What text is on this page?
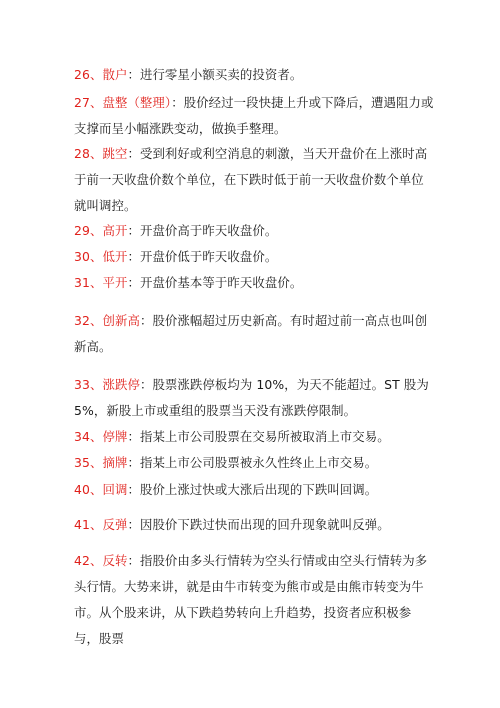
26、散户：进行零星小额买卖的投资者。
27、盘整（整理）：股价经过一段快捷上升或下降后，遭遇阻力或支撑而呈小幅涨跌变动，做换手整理。
28、跳空：受到利好或利空消息的刺激，当天开盘价在上涨时高于前一天收盘价数个单位，在下跌时低于前一天收盘价数个单位就叫调控。
29、高开：开盘价高于昨天收盘价。
30、低开：开盘价低于昨天收盘价。
31、平开：开盘价基本等于昨天收盘价。
32、创新高：股价涨幅超过历史新高。有时超过前一高点也叫创新高。
33、涨跌停：股票涨跌停板均为 10%，为天不能超过。ST 股为 5%，新股上市或重组的股票当天没有涨跌停限制。
34、停牌：指某上市公司股票在交易所被取消上市交易。
35、摘牌：指某上市公司股票被永久性终止上市交易。
40、回调：股价上涨过快或大涨后出现的下跌叫回调。
41、反弹：因股价下跌过快而出现的回升现象就叫反弹。
42、反转：指股价由多头行情转为空头行情或由空头行情转为多头行情。大势来讲，就是由牛市转变为熊市或是由熊市转变为牛市。从个股来讲，从下跌趋势转向上升趋势，投资者应积极参与，股票
